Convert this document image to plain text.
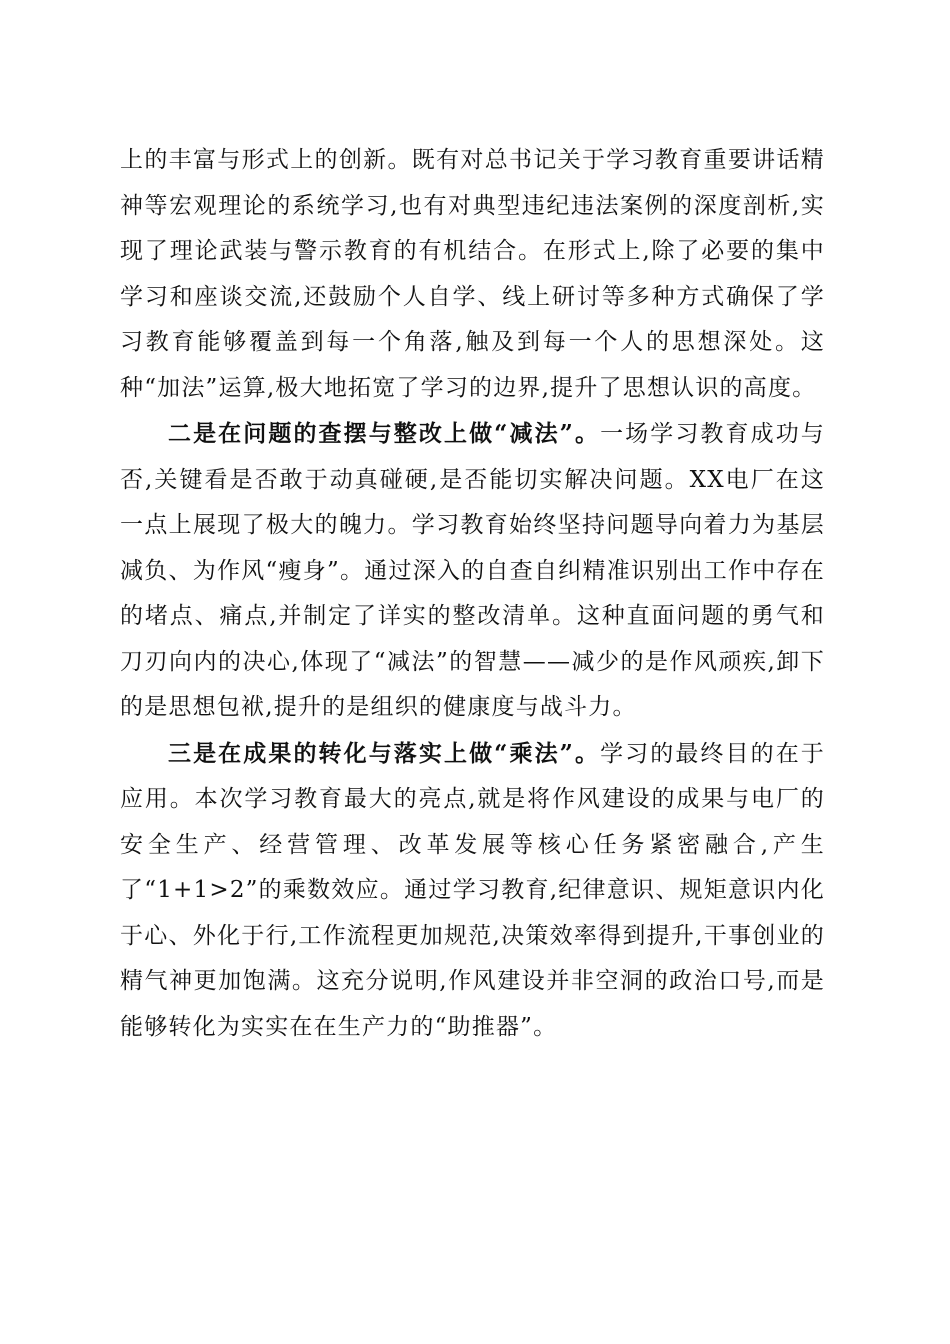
上的丰富与形式上的创新。既有对总书记关于学习教育重要讲话精神等宏观理论的系统学习,也有对典型违纪违法案例的深度剖析,实现了理论武装与警示教育的有机结合。在形式上,除了必要的集中学习和座谈交流,还鼓励个人自学、线上研讨等多种方式确保了学习教育能够覆盖到每一个角落,触及到每一个人的思想深处。这种“加法”运算,极大地拓宽了学习的边界,提升了思想认识的高度。

二是在问题的查摆与整改上做“减法”。一场学习教育成功与否,关键看是否敢于动真碰硬,是否能切实解决问题。XX电厂在这一点上展现了极大的魄力。学习教育始终坚持问题导向着力为基层减负、为作风“瘦身”。通过深入的自查自纠精准识别出工作中存在的堵点、痛点,并制定了详实的整改清单。这种直面问题的勇气和刀刃向内的决心,体现了“减法”的智慧——减少的是作风顽疾,卸下的是思想包袱,提升的是组织的健康度与战斗力。

三是在成果的转化与落实上做“乘法”。学习的最终目的在于应用。本次学习教育最大的亮点,就是将作风建设的成果与电厂的安全生产、经营管理、改革发展等核心任务紧密融合,产生了“1+1>2”的乘数效应。通过学习教育,纪律意识、规矩意识内化于心、外化于行,工作流程更加规范,决策效率得到提升,干事创业的精气神更加饱满。这充分说明,作风建设并非空洞的政治口号,而是能够转化为实实在在生产力的“助推器”。
